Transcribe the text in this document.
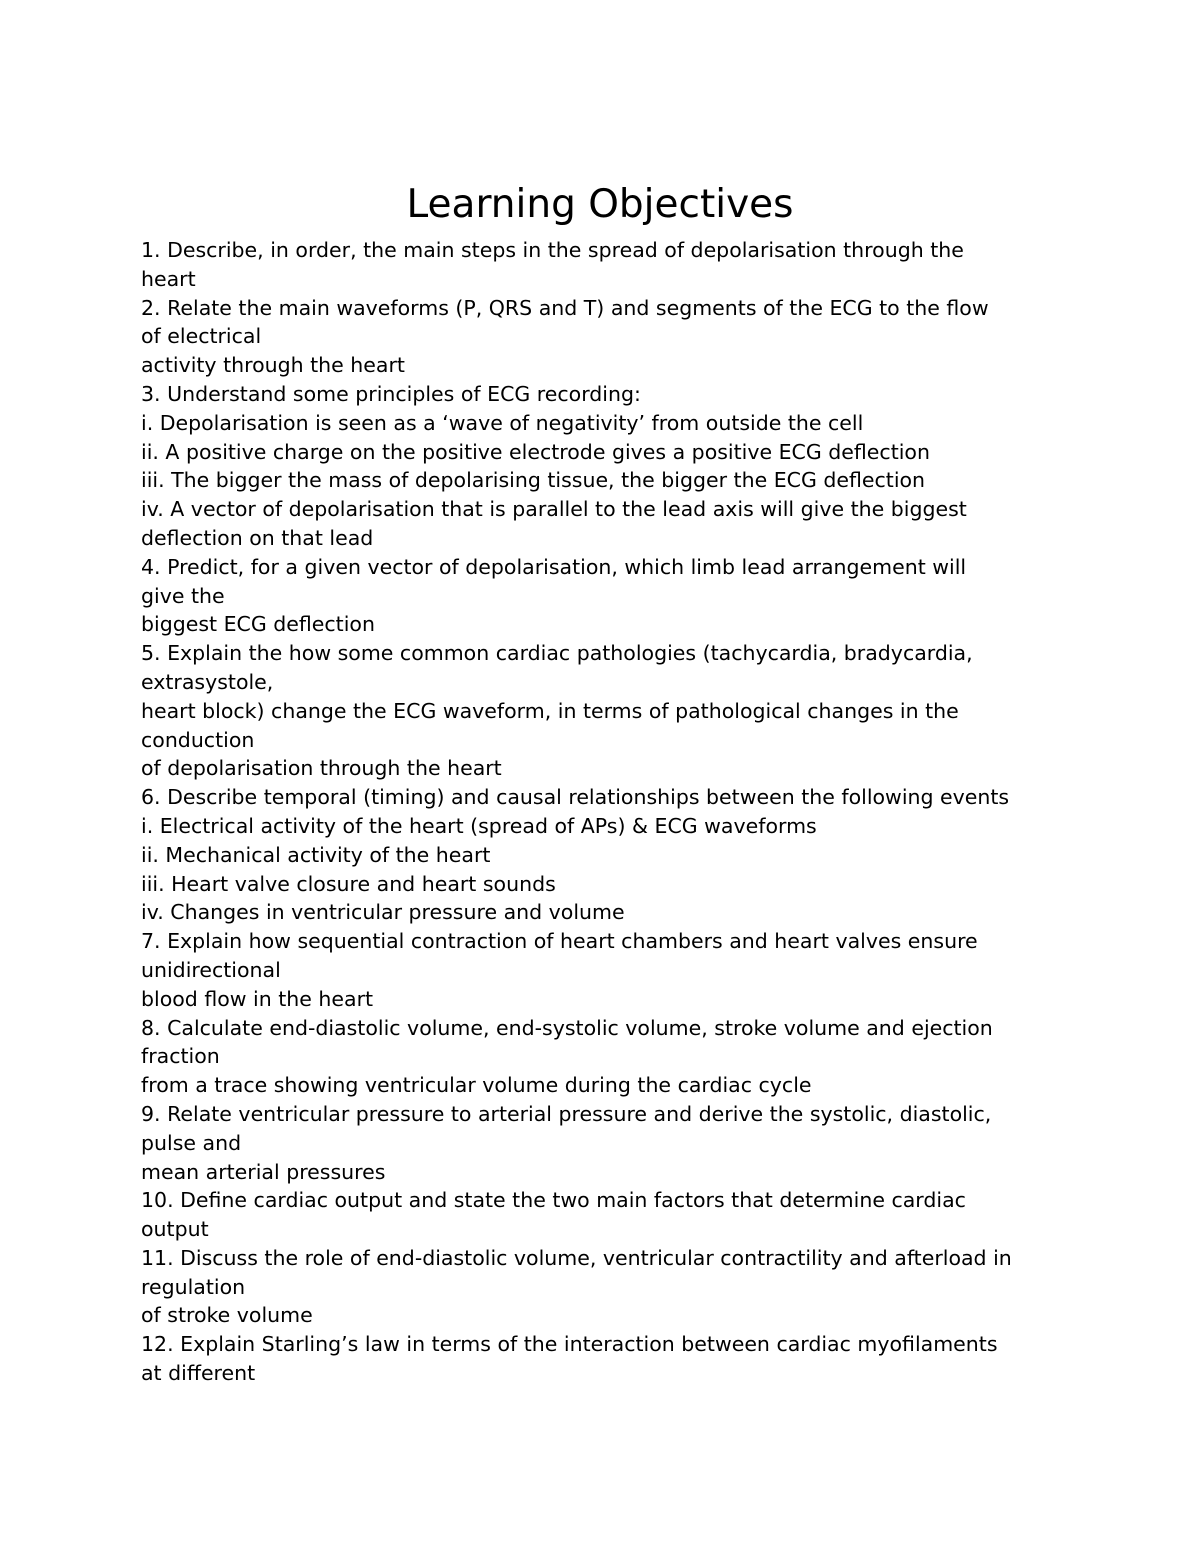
Learning Objectives
1. Describe, in order, the main steps in the spread of depolarisation through the
heart
2. Relate the main waveforms (P, QRS and T) and segments of the ECG to the flow
of electrical
activity through the heart
3. Understand some principles of ECG recording:
i. Depolarisation is seen as a ‘wave of negativity’ from outside the cell
ii. A positive charge on the positive electrode gives a positive ECG deflection
iii. The bigger the mass of depolarising tissue, the bigger the ECG deflection
iv. A vector of depolarisation that is parallel to the lead axis will give the biggest
deflection on that lead
4. Predict, for a given vector of depolarisation, which limb lead arrangement will
give the
biggest ECG deflection
5. Explain the how some common cardiac pathologies (tachycardia, bradycardia,
extrasystole,
heart block) change the ECG waveform, in terms of pathological changes in the
conduction
of depolarisation through the heart
6. Describe temporal (timing) and causal relationships between the following events
i. Electrical activity of the heart (spread of APs) & ECG waveforms
ii. Mechanical activity of the heart
iii. Heart valve closure and heart sounds
iv. Changes in ventricular pressure and volume
7. Explain how sequential contraction of heart chambers and heart valves ensure
unidirectional
blood flow in the heart
8. Calculate end-diastolic volume, end-systolic volume, stroke volume and ejection
fraction
from a trace showing ventricular volume during the cardiac cycle
9. Relate ventricular pressure to arterial pressure and derive the systolic, diastolic,
pulse and
mean arterial pressures
10. Define cardiac output and state the two main factors that determine cardiac
output
11. Discuss the role of end-diastolic volume, ventricular contractility and afterload in
regulation
of stroke volume
12. Explain Starling’s law in terms of the interaction between cardiac myofilaments
at different
